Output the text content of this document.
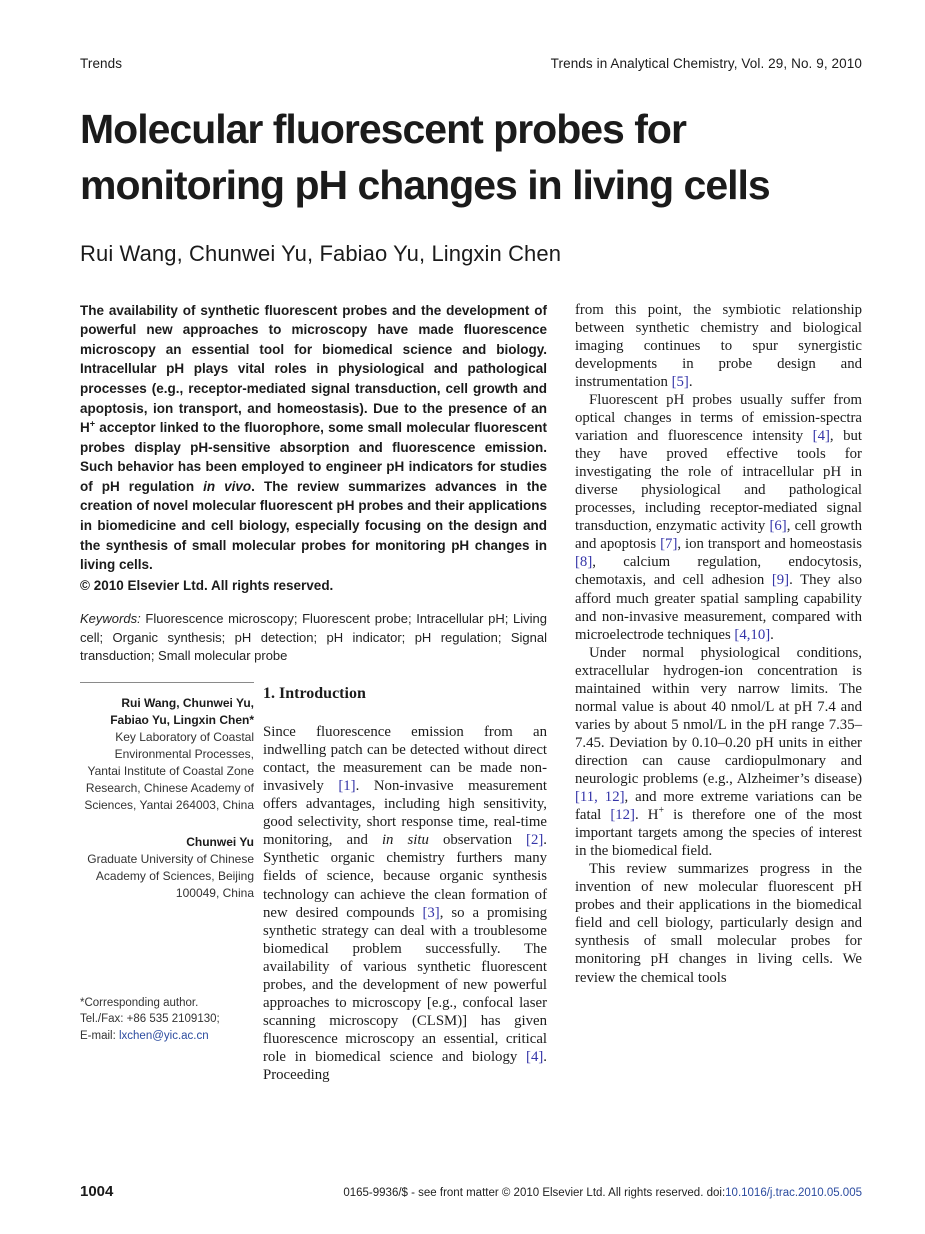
Trends	Trends in Analytical Chemistry, Vol. 29, No. 9, 2010
Molecular fluorescent probes for monitoring pH changes in living cells
Rui Wang, Chunwei Yu, Fabiao Yu, Lingxin Chen
The availability of synthetic fluorescent probes and the development of powerful new approaches to microscopy have made fluorescence microscopy an essential tool for biomedical science and biology. Intracellular pH plays vital roles in physiological and pathological processes (e.g., receptor-mediated signal transduction, cell growth and apoptosis, ion transport, and homeostasis). Due to the presence of an H+ acceptor linked to the fluorophore, some small molecular fluorescent probes display pH-sensitive absorption and fluorescence emission. Such behavior has been employed to engineer pH indicators for studies of pH regulation in vivo. The review summarizes advances in the creation of novel molecular fluorescent pH probes and their applications in biomedicine and cell biology, especially focusing on the design and the synthesis of small molecular probes for monitoring pH changes in living cells.
© 2010 Elsevier Ltd. All rights reserved.
Keywords: Fluorescence microscopy; Fluorescent probe; Intracellular pH; Living cell; Organic synthesis; pH detection; pH indicator; pH regulation; Signal transduction; Small molecular probe
Rui Wang, Chunwei Yu, Fabiao Yu, Lingxin Chen*
Key Laboratory of Coastal Environmental Processes, Yantai Institute of Coastal Zone Research, Chinese Academy of Sciences, Yantai 264003, China
Chunwei Yu
Graduate University of Chinese Academy of Sciences, Beijing 100049, China
*Corresponding author.
Tel./Fax: +86 535 2109130;
E-mail: lxchen@yic.ac.cn
1. Introduction

Since fluorescence emission from an indwelling patch can be detected without direct contact, the measurement can be made non-invasively [1]. Non-invasive measurement offers advantages, including high sensitivity, good selectivity, short response time, real-time monitoring, and in situ observation [2]. Synthetic organic chemistry furthers many fields of science, because organic synthesis technology can achieve the clean formation of new desired compounds [3], so a promising synthetic strategy can deal with a troublesome biomedical problem successfully. The availability of various synthetic fluorescent probes, and the development of new powerful approaches to microscopy [e.g., confocal laser scanning microscopy (CLSM)] has given fluorescence microscopy an essential, critical role in biomedical science and biology [4]. Proceeding

from this point, the symbiotic relationship between synthetic chemistry and biological imaging continues to spur synergistic developments in probe design and instrumentation [5].

Fluorescent pH probes usually suffer from optical changes in terms of emission-spectra variation and fluorescence intensity [4], but they have proved effective tools for investigating the role of intracellular pH in diverse physiological and pathological processes, including receptor-mediated signal transduction, enzymatic activity [6], cell growth and apoptosis [7], ion transport and homeostasis [8], calcium regulation, endocytosis, chemotaxis, and cell adhesion [9]. They also afford much greater spatial sampling capability and non-invasive measurement, compared with microelectrode techniques [4,10].

Under normal physiological conditions, extracellular hydrogen-ion concentration is maintained within very narrow limits. The normal value is about 40 nmol/L at pH 7.4 and varies by about 5 nmol/L in the pH range 7.35–7.45. Deviation by 0.10–0.20 pH units in either direction can cause cardiopulmonary and neurologic problems (e.g., Alzheimer’s disease) [11, 12], and more extreme variations can be fatal [12]. H+ is therefore one of the most important targets among the species of interest in the biomedical field.

This review summarizes progress in the invention of new molecular fluorescent pH probes and their applications in the biomedical field and cell biology, particularly design and synthesis of small molecular probes for monitoring pH changes in living cells. We review the chemical tools

1004	0165-9936/$ - see front matter © 2010 Elsevier Ltd. All rights reserved. doi:10.1016/j.trac.2010.05.005
